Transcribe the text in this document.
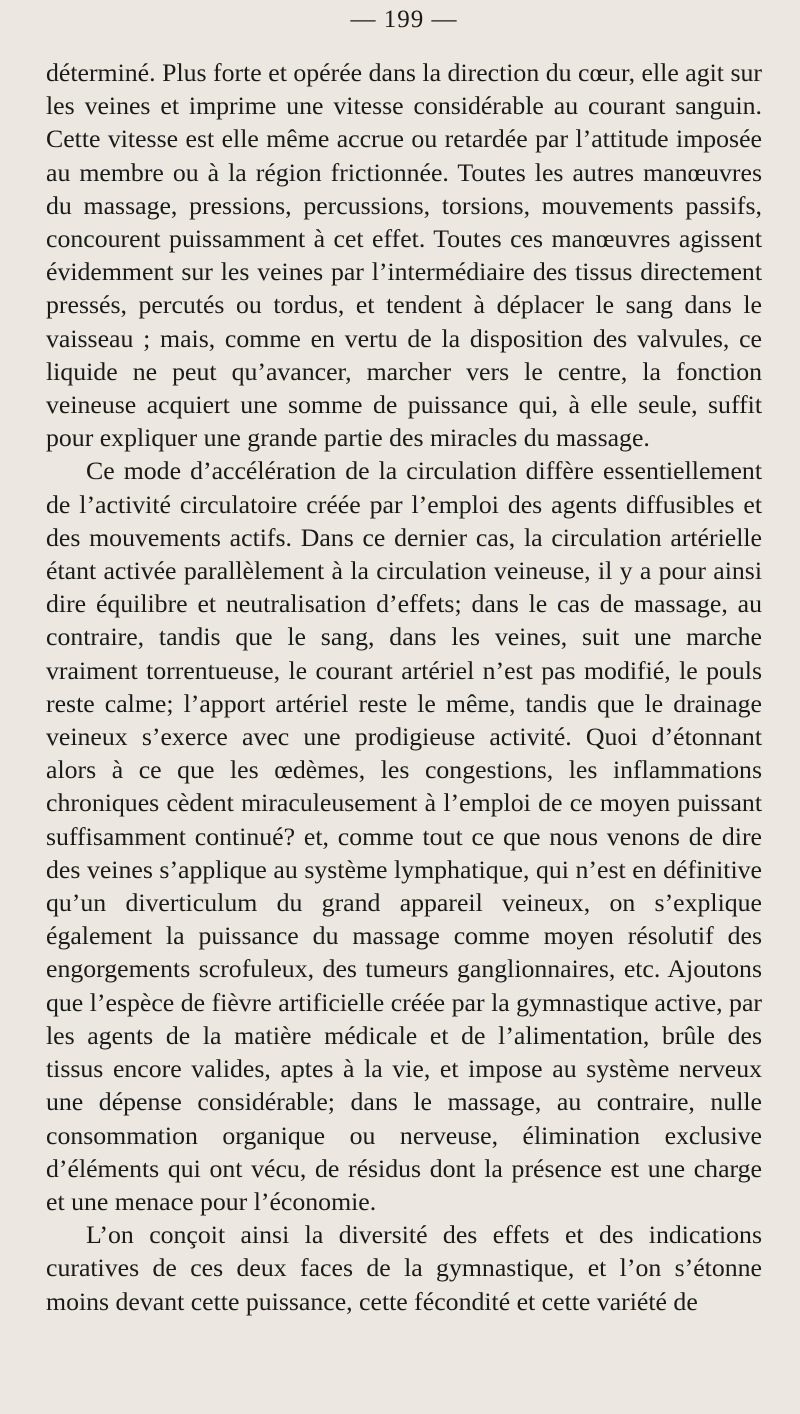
— 199 —

déterminé. Plus forte et opérée dans la direction du cœur, elle agit sur les veines et imprime une vitesse considérable au courant sanguin. Cette vitesse est elle même accrue ou retardée par l’attitude imposée au membre ou à la région frictionnée. Toutes les autres manœuvres du massage, pressions, percussions, torsions, mouvements passifs, concourent puissamment à cet effet. Toutes ces manœuvres agissent évidemment sur les veines par l’intermédiaire des tissus directement pressés, percutés ou tordus, et tendent à déplacer le sang dans le vaisseau ; mais, comme en vertu de la disposition des valvules, ce liquide ne peut qu’avancer, marcher vers le centre, la fonction veineuse acquiert une somme de puissance qui, à elle seule, suffit pour expliquer une grande partie des miracles du massage.

Ce mode d’accélération de la circulation diffère essentiellement de l’activité circulatoire créée par l’emploi des agents diffusibles et des mouvements actifs. Dans ce dernier cas, la circulation artérielle étant activée parallèlement à la circulation veineuse, il y a pour ainsi dire équilibre et neutralisation d’effets; dans le cas de massage, au contraire, tandis que le sang, dans les veines, suit une marche vraiment torrentueuse, le courant artériel n’est pas modifié, le pouls reste calme; l’apport artériel reste le même, tandis que le drainage veineux s’exerce avec une prodigieuse activité. Quoi d’étonnant alors à ce que les œdèmes, les congestions, les inflammations chroniques cèdent miraculeusement à l’emploi de ce moyen puissant suffisamment continué? et, comme tout ce que nous venons de dire des veines s’applique au système lymphatique, qui n’est en définitive qu’un diverticulum du grand appareil veineux, on s’explique également la puissance du massage comme moyen résolutif des engorgements scrofuleux, des tumeurs ganglionnaires, etc. Ajoutons que l’espèce de fièvre artificielle créée par la gymnastique active, par les agents de la matière médicale et de l’alimentation, brûle des tissus encore valides, aptes à la vie, et impose au système nerveux une dépense considérable; dans le massage, au contraire, nulle consommation organique ou nerveuse, élimination exclusive d’éléments qui ont vécu, de résidus dont la présence est une charge et une menace pour l’économie.

L’on conçoit ainsi la diversité des effets et des indications curatives de ces deux faces de la gymnastique, et l’on s’étonne moins devant cette puissance, cette fécondité et cette variété de
